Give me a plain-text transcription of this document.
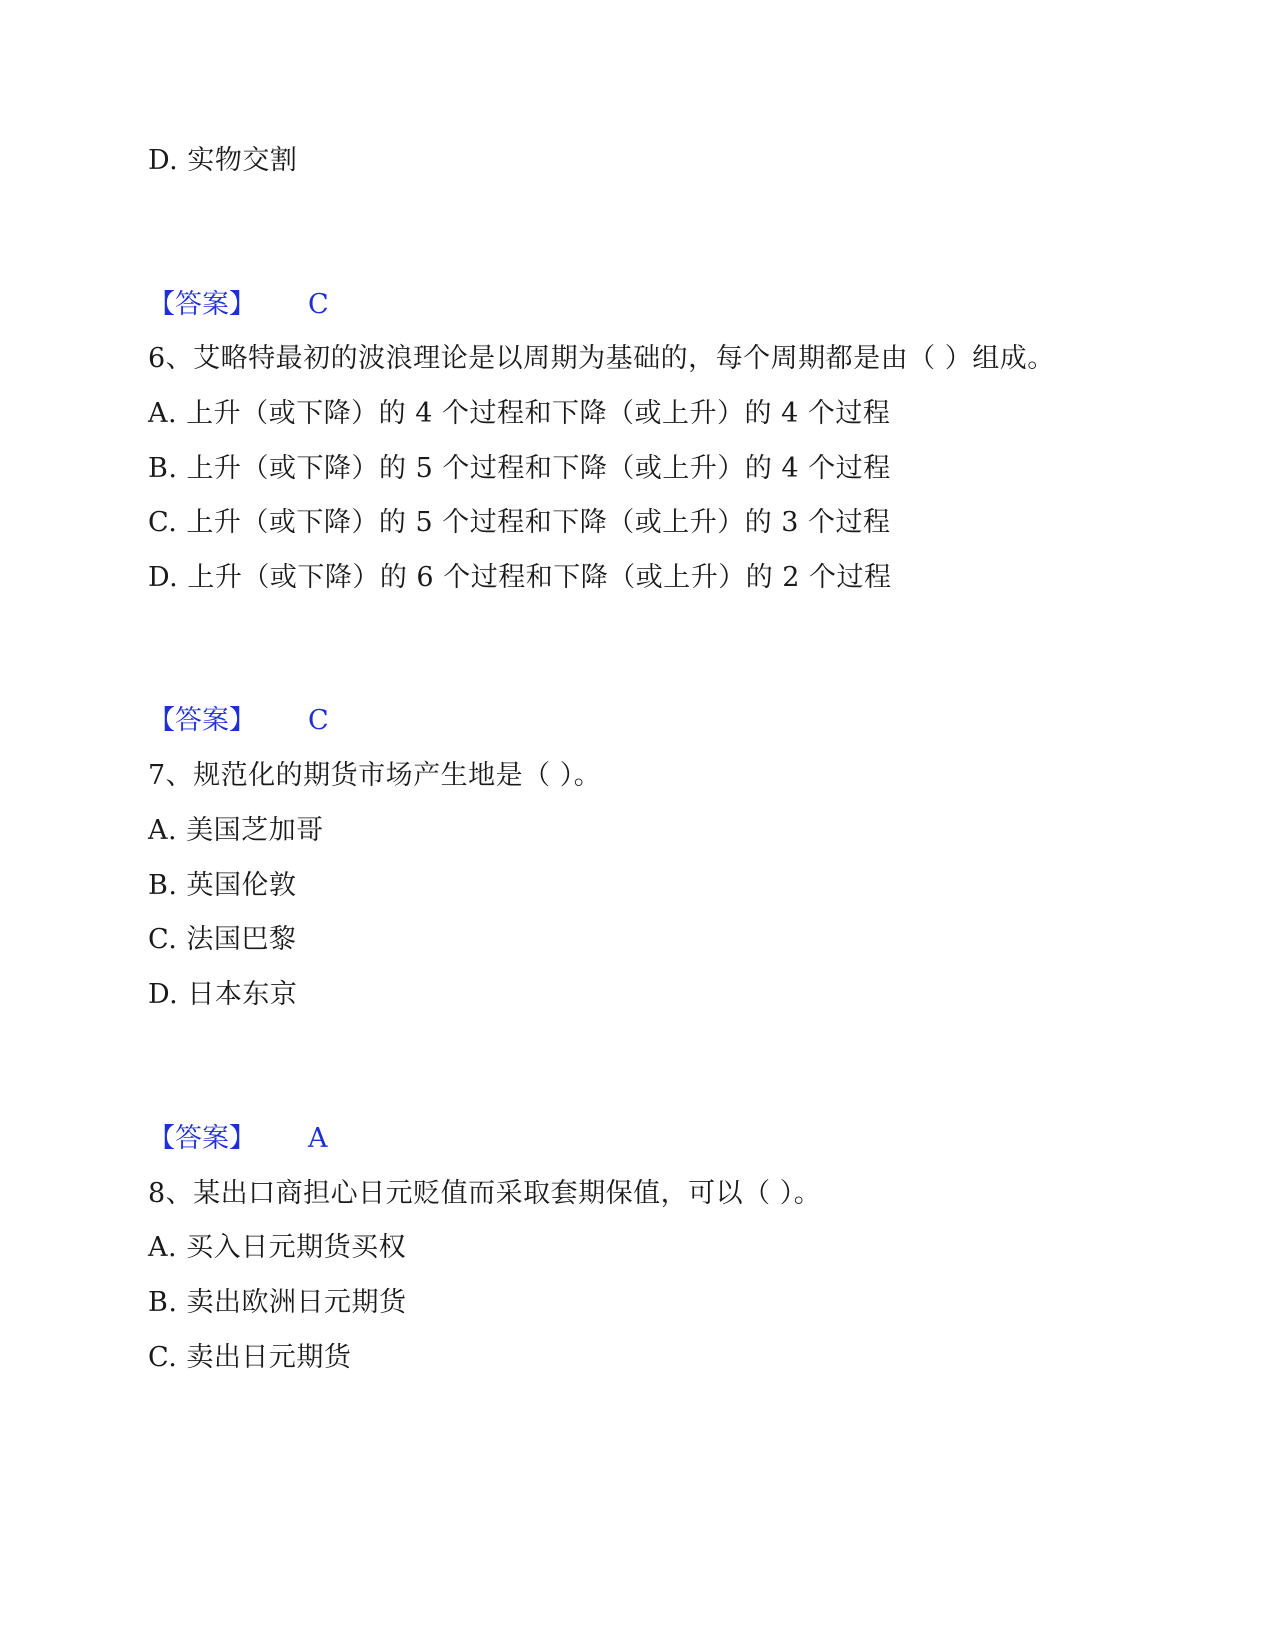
D. 实物交割
【答案】 C
6、艾略特最初的波浪理论是以周期为基础的，每个周期都是由（ ）组成。
A. 上升（或下降）的 4 个过程和下降（或上升）的 4 个过程
B. 上升（或下降）的 5 个过程和下降（或上升）的 4 个过程
C. 上升（或下降）的 5 个过程和下降（或上升）的 3 个过程
D. 上升（或下降）的 6 个过程和下降（或上升）的 2 个过程
【答案】 C
7、规范化的期货市场产生地是（ ）。
A. 美国芝加哥
B. 英国伦敦
C. 法国巴黎
D. 日本东京
【答案】 A
8、某出口商担心日元贬值而采取套期保值，可以（ ）。
A. 买入日元期货买权
B. 卖出欧洲日元期货
C. 卖出日元期货
